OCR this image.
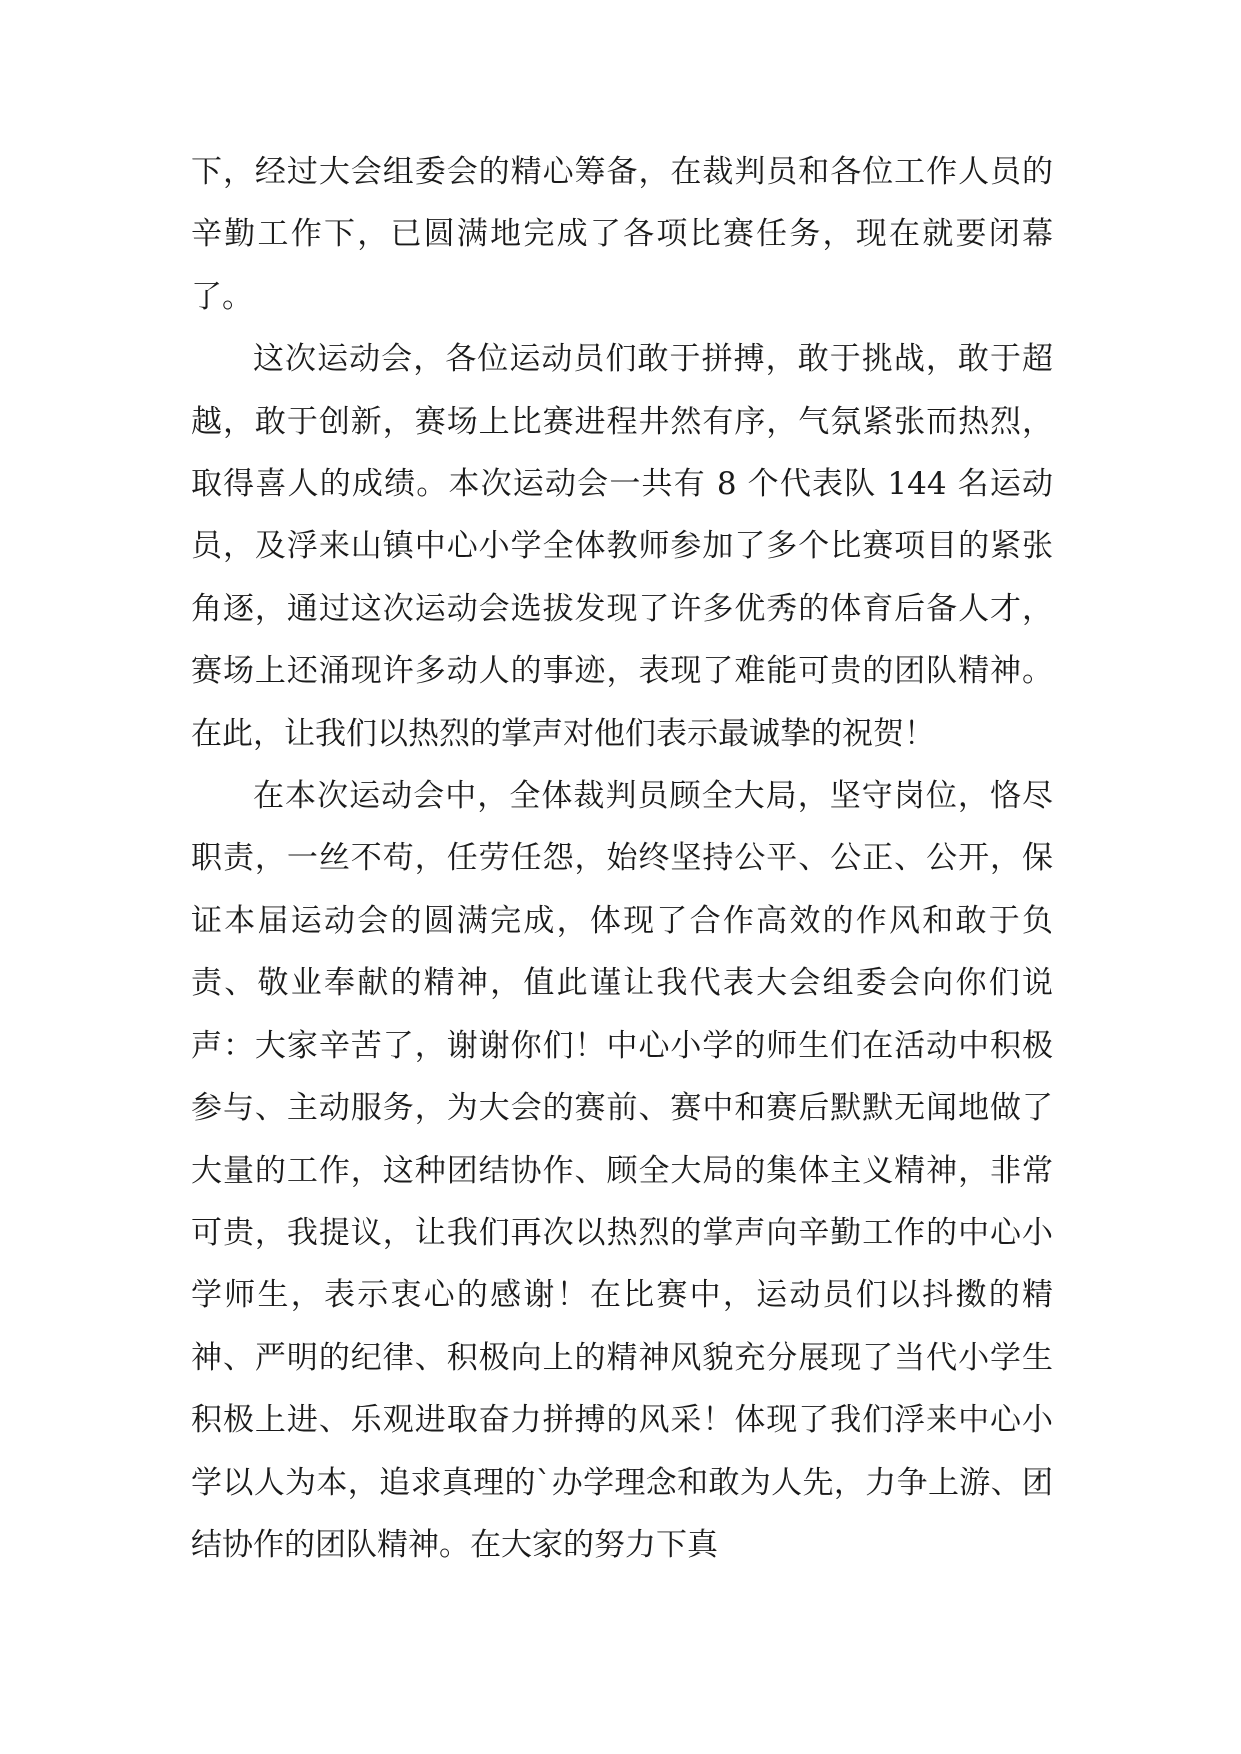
下，经过大会组委会的精心筹备，在裁判员和各位工作人员的辛勤工作下，已圆满地完成了各项比赛任务，现在就要闭幕了。

这次运动会，各位运动员们敢于拼搏，敢于挑战，敢于超越，敢于创新，赛场上比赛进程井然有序，气氛紧张而热烈，取得喜人的成绩。本次运动会一共有 8 个代表队 144 名运动员，及浮来山镇中心小学全体教师参加了多个比赛项目的紧张角逐，通过这次运动会选拔发现了许多优秀的体育后备人才，赛场上还涌现许多动人的事迹，表现了难能可贵的团队精神。在此，让我们以热烈的掌声对他们表示最诚挚的祝贺！

在本次运动会中，全体裁判员顾全大局，坚守岗位，恪尽职责，一丝不苟，任劳任怨，始终坚持公平、公正、公开，保证本届运动会的圆满完成，体现了合作高效的作风和敢于负责、敬业奉献的精神，值此谨让我代表大会组委会向你们说声：大家辛苦了，谢谢你们！中心小学的师生们在活动中积极参与、主动服务，为大会的赛前、赛中和赛后默默无闻地做了大量的工作，这种团结协作、顾全大局的集体主义精神，非常可贵，我提议，让我们再次以热烈的掌声向辛勤工作的中心小学师生，表示衷心的感谢！在比赛中，运动员们以抖擞的精神、严明的纪律、积极向上的精神风貌充分展现了当代小学生积极上进、乐观进取奋力拼搏的风采！体现了我们浮来中心小学以人为本，追求真理的`办学理念和敢为人先，力争上游、团结协作的团队精神。在大家的努力下真
